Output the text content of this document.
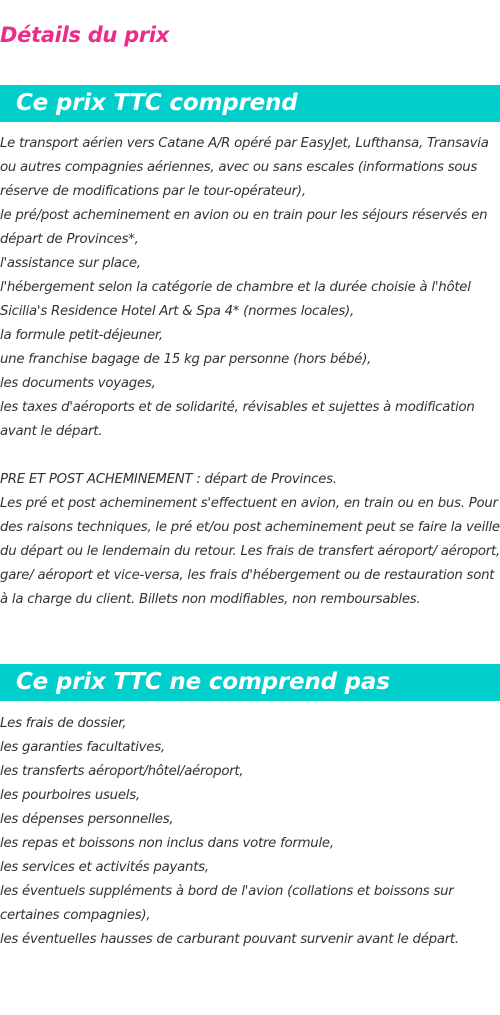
Détails du prix
Ce prix TTC comprend
Le transport aérien vers Catane A/R opéré par EasyJet, Lufthansa, Transavia ou autres compagnies aériennes, avec ou sans escales (informations sous réserve de modifications par le tour-opérateur),
le pré/post acheminement en avion ou en train pour les séjours réservés en départ de Provinces*,
l'assistance sur place,
l'hébergement selon la catégorie de chambre et la durée choisie à l'hôtel Sicilia's Residence Hotel Art & Spa 4* (normes locales),
la formule petit-déjeuner,
une franchise bagage de 15 kg par personne (hors bébé),
les documents voyages,
les taxes d'aéroports et de solidarité, révisables et sujettes à modification avant le départ.
PRE ET POST ACHEMINEMENT : départ de Provinces.
Les pré et post acheminement s'effectuent en avion, en train ou en bus. Pour des raisons techniques, le pré et/ou post acheminement peut se faire la veille du départ ou le lendemain du retour. Les frais de transfert aéroport/ aéroport, gare/ aéroport et vice-versa, les frais d'hébergement ou de restauration sont à la charge du client. Billets non modifiables, non remboursables.
Ce prix TTC ne comprend pas
Les frais de dossier,
les garanties facultatives,
les transferts aéroport/hôtel/aéroport,
les pourboires usuels,
les dépenses personnelles,
les repas et boissons non inclus dans votre formule,
les services et activités payants,
les éventuels suppléments à bord de l'avion (collations et boissons sur certaines compagnies),
les éventuelles hausses de carburant pouvant survenir avant le départ.
